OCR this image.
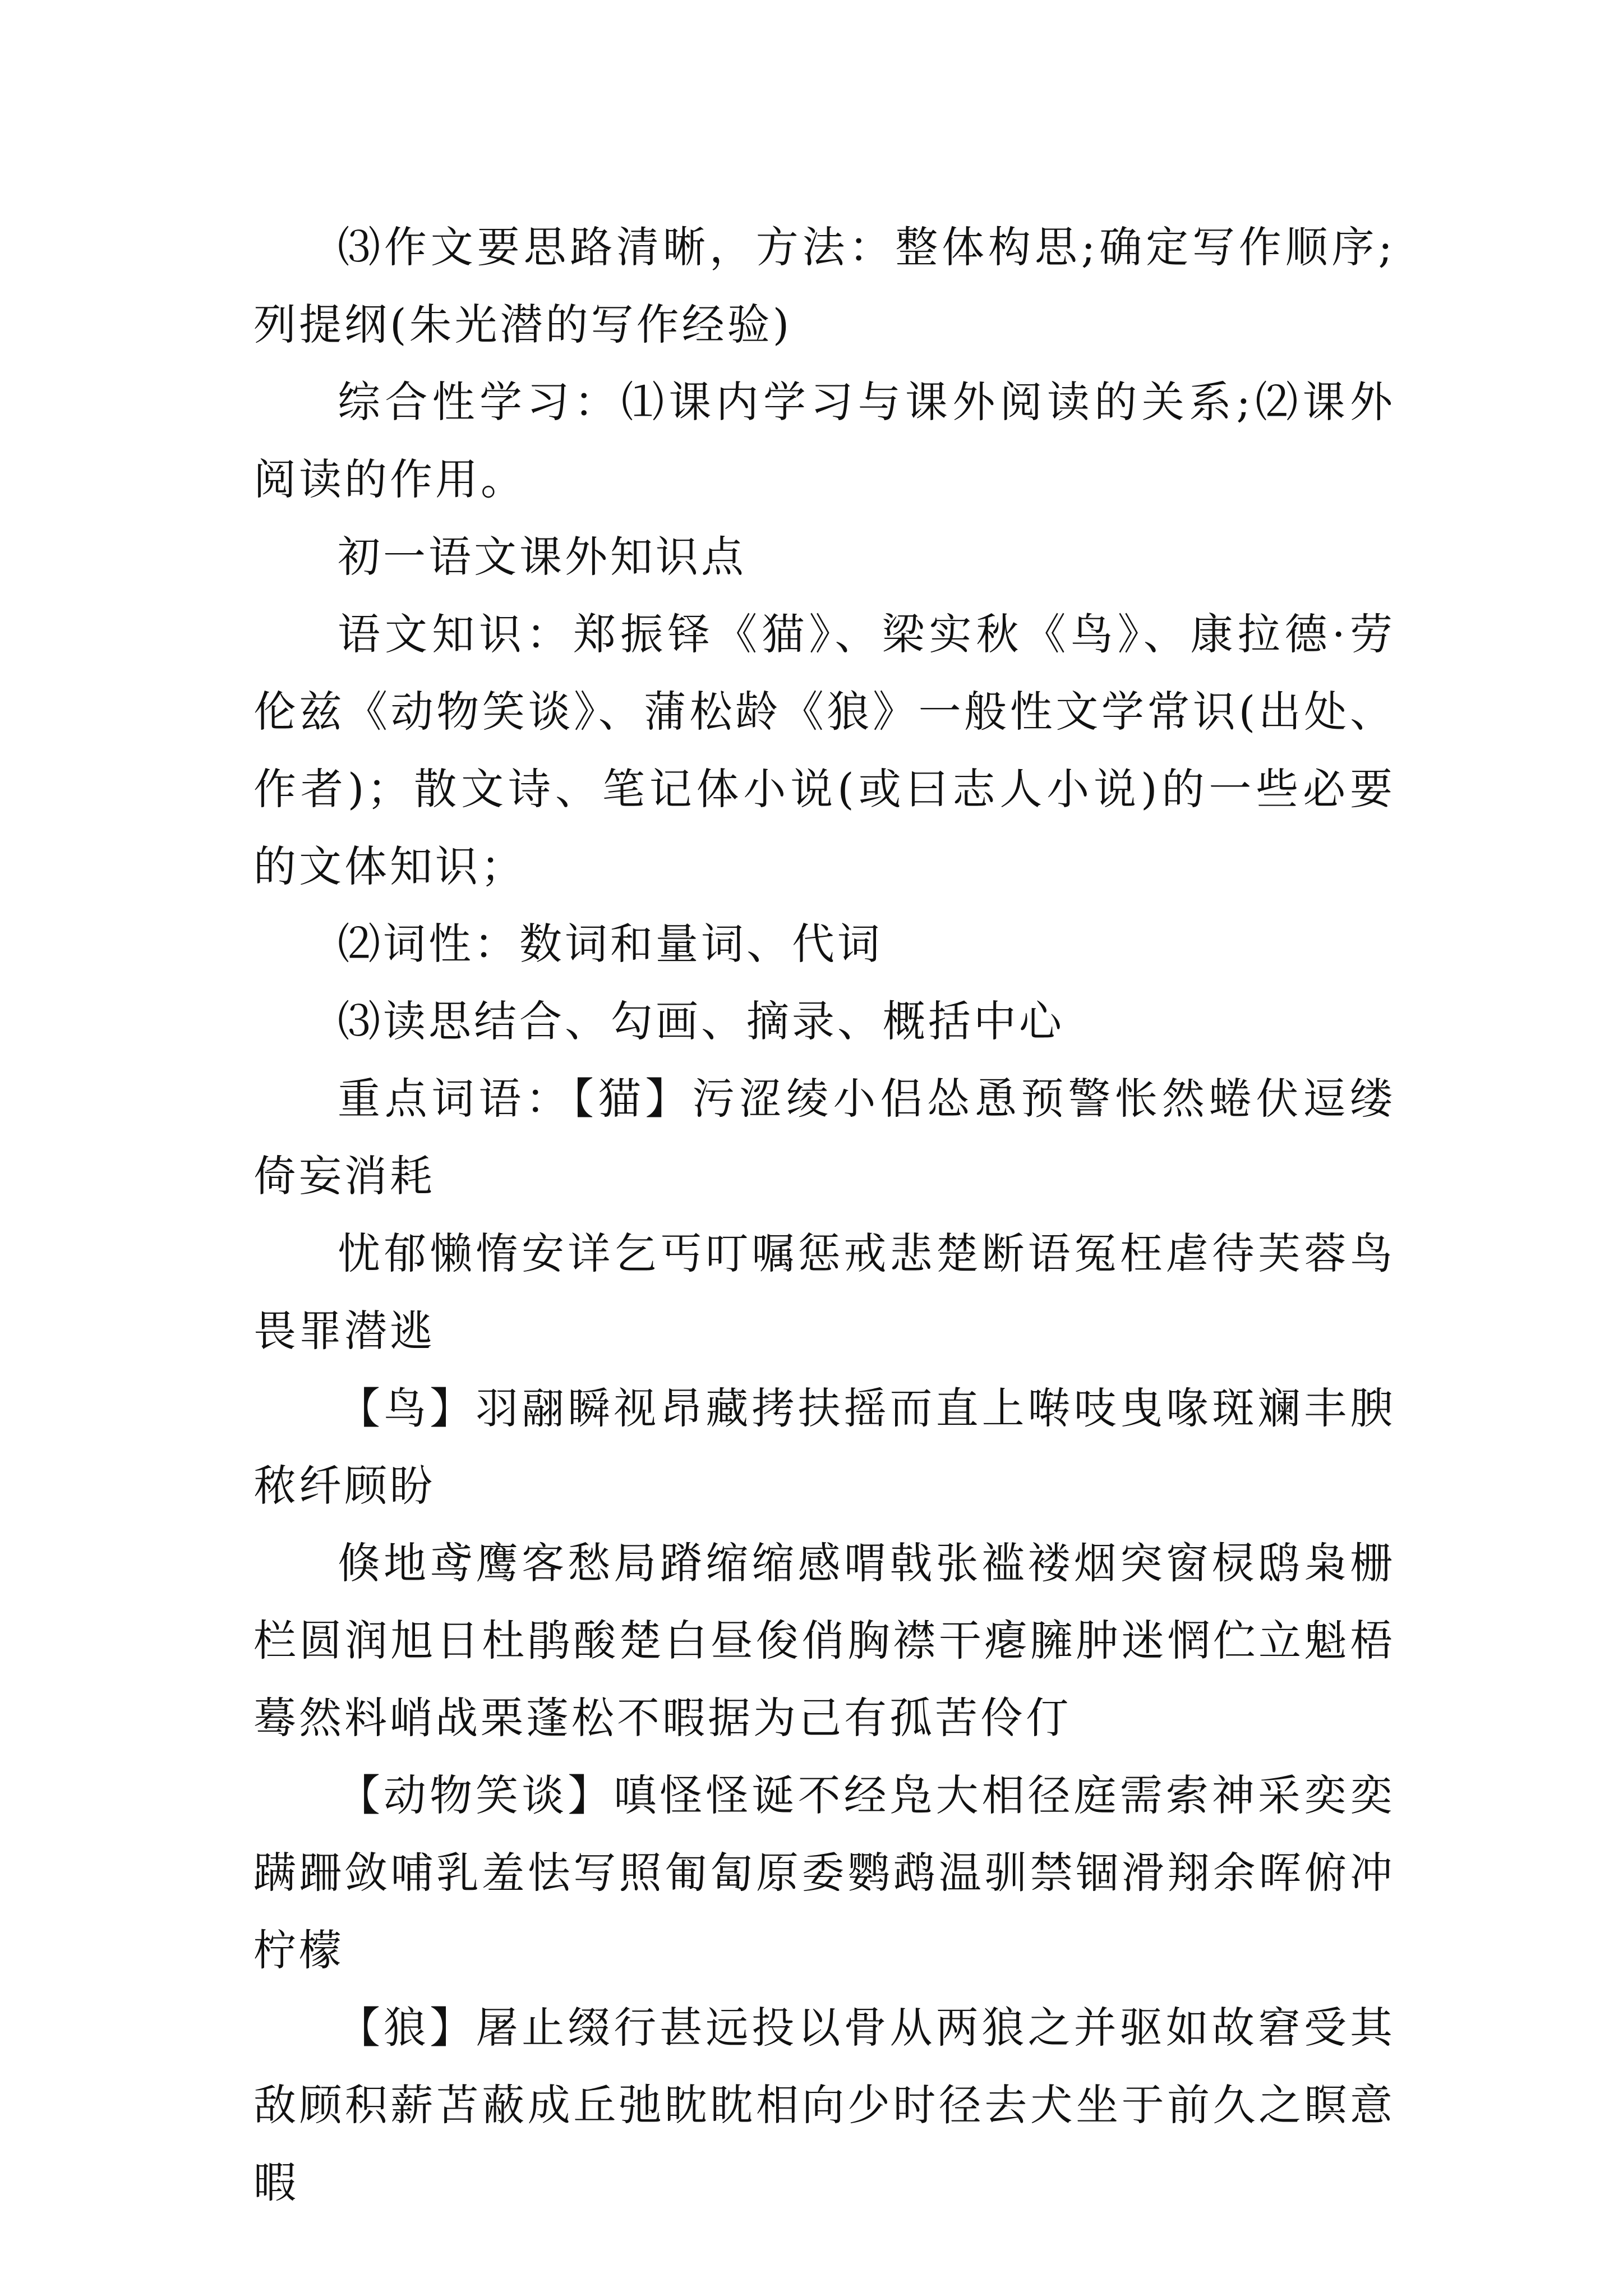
⑶作文要思路清晰，方法：整体构思;确定写作顺序;列提纲(朱光潜的写作经验)

综合性学习：⑴课内学习与课外阅读的关系;⑵课外阅读的作用。

初一语文课外知识点

语文知识：郑振铎《猫》、梁实秋《鸟》、康拉德·劳伦兹《动物笑谈》、蒲松龄《狼》一般性文学常识(出处、作者)；散文诗、笔记体小说(或曰志人小说)的一些必要的文体知识；

⑵词性：数词和量词、代词

⑶读思结合、勾画、摘录、概括中心

重点词语：【猫】污涩绫小侣怂恿预警怅然蜷伏逗缕倚妄消耗

忧郁懒惰安详乞丐叮嘱惩戒悲楚断语冤枉虐待芙蓉鸟畏罪潜逃

【鸟】羽翮瞬视昂藏拷扶摇而直上啭吱曳喙斑斓丰腴秾纤顾盼

倏地鸢鹰客愁局蹐缩缩感喟戟张褴褛烟突窗棂鸱枭栅栏圆润旭日杜鹃酸楚白昼俊俏胸襟干瘪臃肿迷惘伫立魁梧蓦然料峭战栗蓬松不暇据为己有孤苦伶仃

【动物笑谈】嗔怪怪诞不经凫大相径庭需索神采奕奕蹒跚敛哺乳羞怯写照匍匐原委鹦鹉温驯禁锢滑翔余晖俯冲柠檬

【狼】屠止缀行甚远投以骨从两狼之并驱如故窘受其敌顾积薪苫蔽成丘弛眈眈相向少时径去犬坐于前久之瞑意暇
